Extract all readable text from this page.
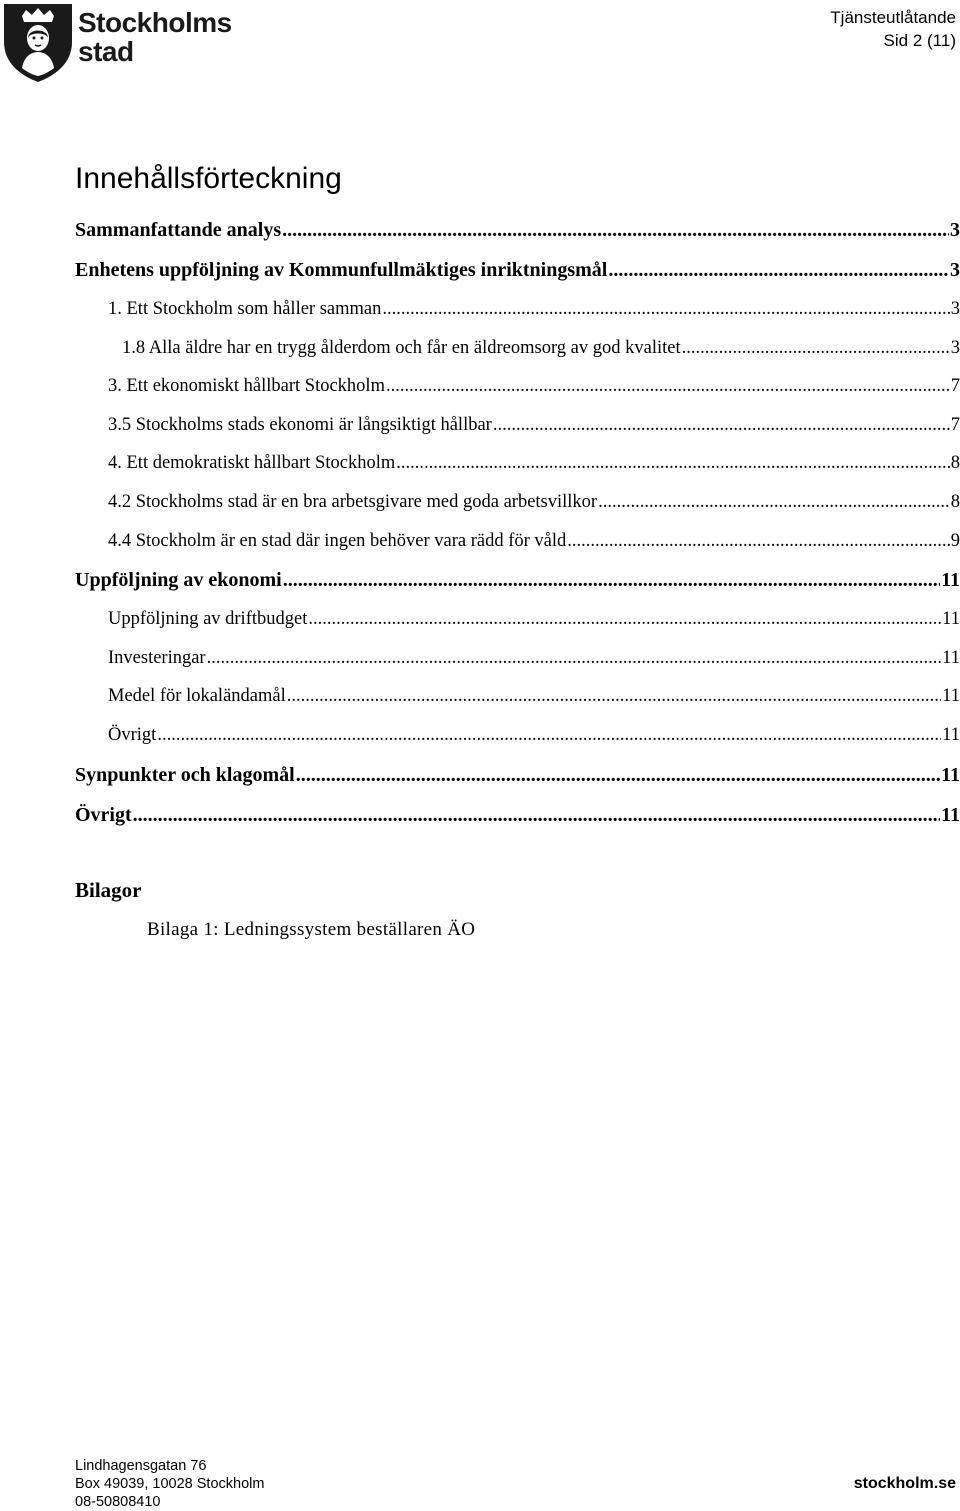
Stockholms
stad
Tjänsteutlåtande
Sid 2 (11)
Innehållsförteckning
Sammanfattande analys .....	3
Enhetens uppföljning av Kommunfullmäktiges inriktningsmål .....	3
1. Ett Stockholm som håller samman .....	3
1.8 Alla äldre har en trygg ålderdom och får en äldreomsorg av god kvalitet .....	3
3. Ett ekonomiskt hållbart Stockholm .....	7
3.5 Stockholms stads ekonomi är långsiktigt hållbar .....	7
4. Ett demokratiskt hållbart Stockholm .....	8
4.2 Stockholms stad är en bra arbetsgivare med goda arbetsvillkor .....	8
4.4 Stockholm är en stad där ingen behöver vara rädd för våld .....	9
Uppföljning av ekonomi .....	11
Uppföljning av driftbudget .....	11
Investeringar .....	11
Medel för lokaländamål .....	11
Övrigt .....	11
Synpunkter och klagomål .....	11
Övrigt .....	11
Bilagor
Bilaga 1: Ledningssystem beställaren ÄO
Lindhagensgatan 76
Box 49039, 10028 Stockholm
08-50808410
stockholm.se
